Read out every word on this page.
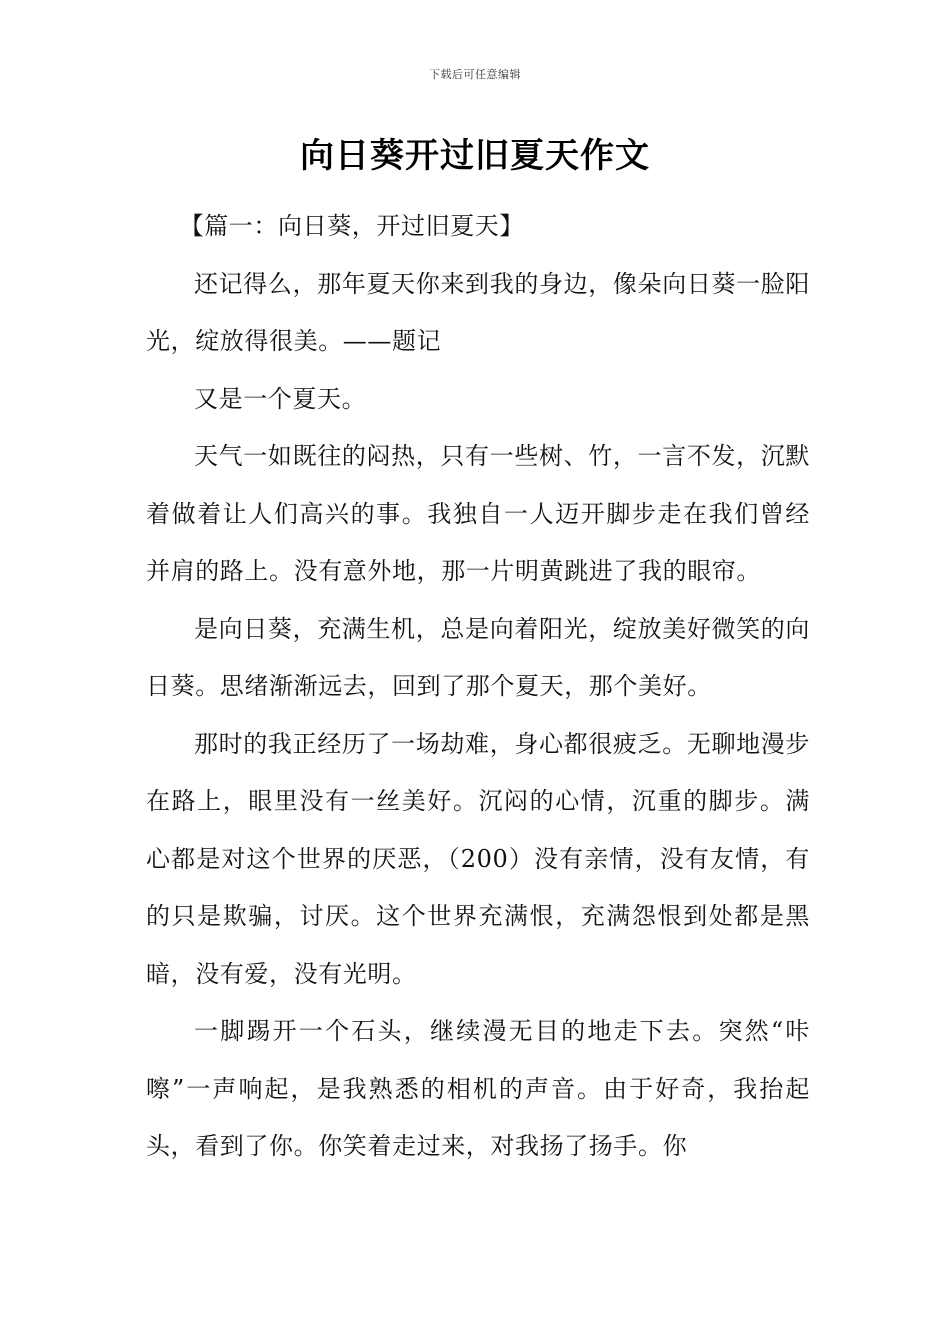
下载后可任意编辑
向日葵开过旧夏天作文

【篇一：向日葵，开过旧夏天】

还记得么，那年夏天你来到我的身边，像朵向日葵一脸阳光，绽放得很美。——题记

又是一个夏天。

天气一如既往的闷热，只有一些树、竹，一言不发，沉默着做着让人们高兴的事。我独自一人迈开脚步走在我们曾经并肩的路上。没有意外地，那一片明黄跳进了我的眼帘。

是向日葵，充满生机，总是向着阳光，绽放美好微笑的向日葵。思绪渐渐远去，回到了那个夏天，那个美好。

那时的我正经历了一场劫难，身心都很疲乏。无聊地漫步在路上，眼里没有一丝美好。沉闷的心情，沉重的脚步。满心都是对这个世界的厌恶，（200）没有亲情，没有友情，有的只是欺骗，讨厌。这个世界充满恨，充满怨恨到处都是黑暗，没有爱，没有光明。

一脚踢开一个石头，继续漫无目的地走下去。突然“咔嚓”一声响起，是我熟悉的相机的声音。由于好奇，我抬起头，看到了你。你笑着走过来，对我扬了扬手。你
